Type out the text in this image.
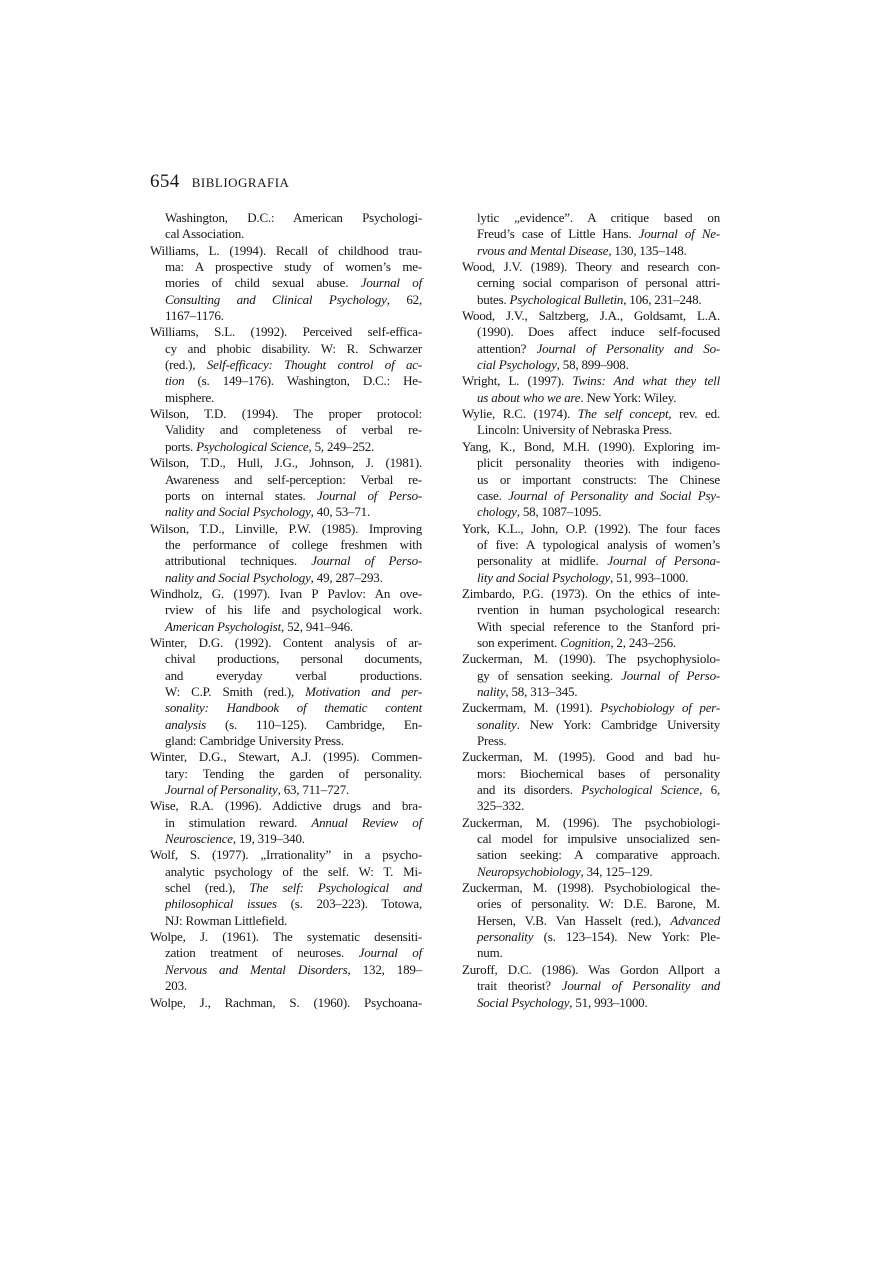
654 BIBLIOGRAFIA

Washington, D.C.: American Psychologi-
cal Association.

Williams, L. (1994). Recall of childhood trau-
ma: A prospective study of women’s me-
mories of child sexual abuse. Journal of
Consulting and Clinical Psychology, 62,
1167–1176.

Williams, S.L. (1992). Perceived self-effica-
cy and phobic disability. W: R. Schwarzer
(red.), Self-efficacy: Thought control of ac-
tion (s. 149–176). Washington, D.C.: He-
misphere.

Wilson, T.D. (1994). The proper protocol:
Validity and completeness of verbal re-
ports. Psychological Science, 5, 249–252.

Wilson, T.D., Hull, J.G., Johnson, J. (1981).
Awareness and self-perception: Verbal re-
ports on internal states. Journal of Perso-
nality and Social Psychology, 40, 53–71.

Wilson, T.D., Linville, P.W. (1985). Improving
the performance of college freshmen with
attributional techniques. Journal of Perso-
nality and Social Psychology, 49, 287–293.

Windholz, G. (1997). Ivan P Pavlov: An ove-
rview of his life and psychological work.
American Psychologist, 52, 941–946.

Winter, D.G. (1992). Content analysis of ar-
chival productions, personal documents,
and everyday verbal productions.
W: C.P. Smith (red.), Motivation and per-
sonality: Handbook of thematic content
analysis (s. 110–125). Cambridge, En-
gland: Cambridge University Press.

Winter, D.G., Stewart, A.J. (1995). Commen-
tary: Tending the garden of personality.
Journal of Personality, 63, 711–727.

Wise, R.A. (1996). Addictive drugs and bra-
in stimulation reward. Annual Review of
Neuroscience, 19, 319–340.

Wolf, S. (1977). „Irrationality” in a psycho-
analytic psychology of the self. W: T. Mi-
schel (red.), The self: Psychological and
philosophical issues (s. 203–223). Totowa,
NJ: Rowman Littlefield.

Wolpe, J. (1961). The systematic desensiti-
zation treatment of neuroses. Journal of
Nervous and Mental Disorders, 132, 189–
203.

Wolpe, J., Rachman, S. (1960). Psychoana-

lytic „evidence”. A critique based on
Freud’s case of Little Hans. Journal of Ne-
rvous and Mental Disease, 130, 135–148.

Wood, J.V. (1989). Theory and research con-
cerning social comparison of personal attri-
butes. Psychological Bulletin, 106, 231–248.

Wood, J.V., Saltzberg, J.A., Goldsamt, L.A.
(1990). Does affect induce self-focused
attention? Journal of Personality and So-
cial Psychology, 58, 899–908.

Wright, L. (1997). Twins: And what they tell
us about who we are. New York: Wiley.

Wylie, R.C. (1974). The self concept, rev. ed.
Lincoln: University of Nebraska Press.

Yang, K., Bond, M.H. (1990). Exploring im-
plicit personality theories with indigeno-
us or important constructs: The Chinese
case. Journal of Personality and Social Psy-
chology, 58, 1087–1095.

York, K.L., John, O.P. (1992). The four faces
of five: A typological analysis of women’s
personality at midlife. Journal of Persona-
lity and Social Psychology, 51, 993–1000.

Zimbardo, P.G. (1973). On the ethics of inte-
rvention in human psychological research:
With special reference to the Stanford pri-
son experiment. Cognition, 2, 243–256.

Zuckerman, M. (1990). The psychophysiolo-
gy of sensation seeking. Journal of Perso-
nality, 58, 313–345.

Zuckermam, M. (1991). Psychobiology of per-
sonality. New York: Cambridge University
Press.

Zuckerman, M. (1995). Good and bad hu-
mors: Biochemical bases of personality
and its disorders. Psychological Science, 6,
325–332.

Zuckerman, M. (1996). The psychobiologi-
cal model for impulsive unsocialized sen-
sation seeking: A comparative approach.
Neuropsychobiology, 34, 125–129.

Zuckerman, M. (1998). Psychobiological the-
ories of personality. W: D.E. Barone, M.
Hersen, V.B. Van Hasselt (red.), Advanced
personality (s. 123–154). New York: Ple-
num.

Zuroff, D.C. (1986). Was Gordon Allport a
trait theorist? Journal of Personality and
Social Psychology, 51, 993–1000.
